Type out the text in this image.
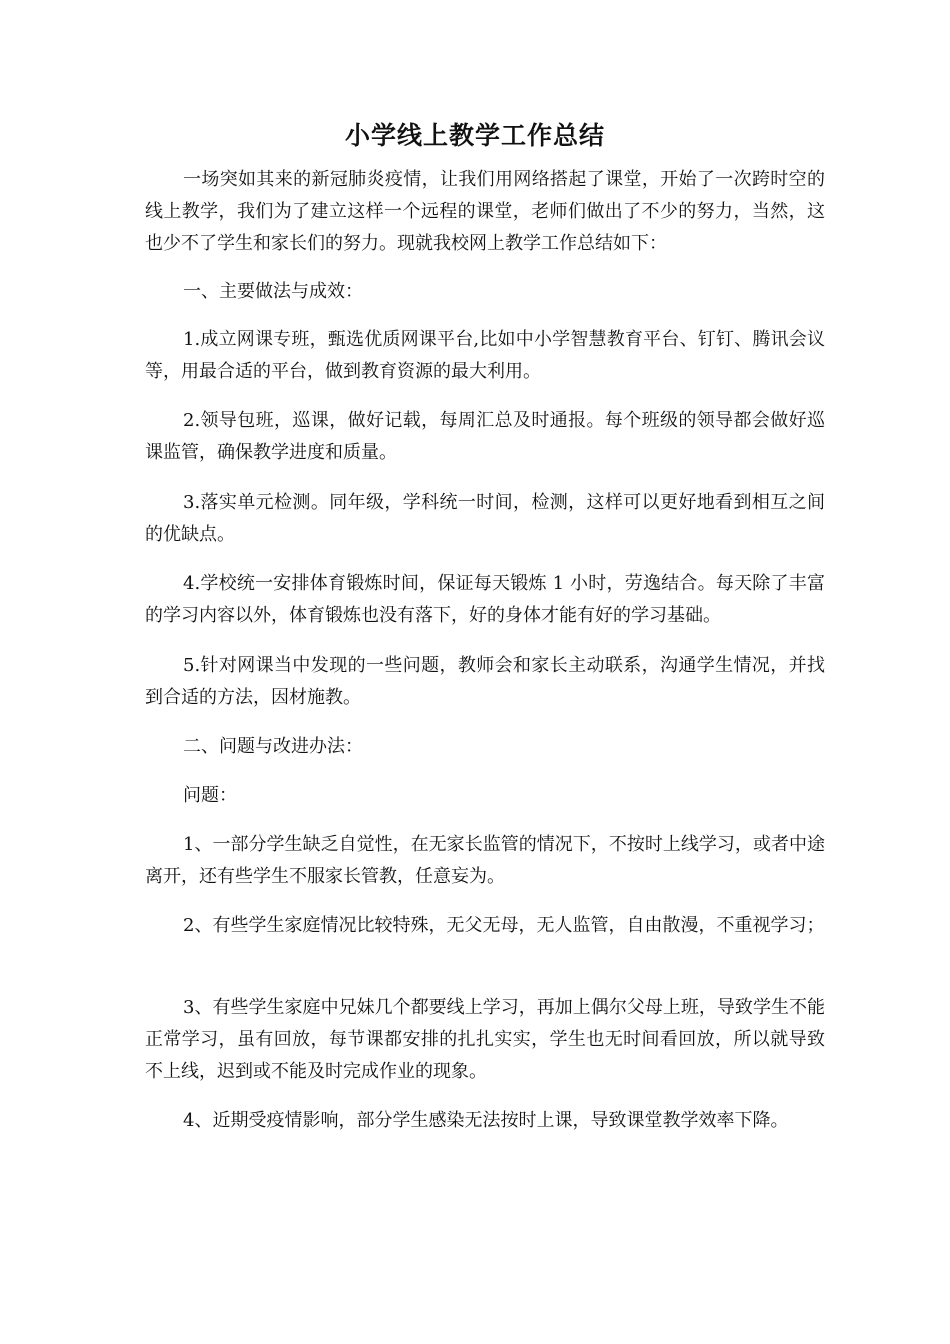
小学线上教学工作总结

一场突如其来的新冠肺炎疫情，让我们用网络搭起了课堂，开始了一次跨时空的线上教学，我们为了建立这样一个远程的课堂，老师们做出了不少的努力，当然，这也少不了学生和家长们的努力。现就我校网上教学工作总结如下：

一、主要做法与成效：

1.成立网课专班，甄选优质网课平台,比如中小学智慧教育平台、钉钉、腾讯会议等，用最合适的平台，做到教育资源的最大利用。

2.领导包班，巡课，做好记载，每周汇总及时通报。每个班级的领导都会做好巡课监管，确保教学进度和质量。

3.落实单元检测。同年级，学科统一时间，检测，这样可以更好地看到相互之间的优缺点。

4.学校统一安排体育锻炼时间，保证每天锻炼 1 小时，劳逸结合。每天除了丰富的学习内容以外，体育锻炼也没有落下，好的身体才能有好的学习基础。

5.针对网课当中发现的一些问题，教师会和家长主动联系，沟通学生情况，并找到合适的方法，因材施教。

二、问题与改进办法：

问题：

1、一部分学生缺乏自觉性，在无家长监管的情况下，不按时上线学习，或者中途离开，还有些学生不服家长管教，任意妄为。

2、有些学生家庭情况比较特殊，无父无母，无人监管，自由散漫，不重视学习；

3、有些学生家庭中兄妹几个都要线上学习，再加上偶尔父母上班，导致学生不能正常学习，虽有回放，每节课都安排的扎扎实实，学生也无时间看回放，所以就导致不上线，迟到或不能及时完成作业的现象。

4、近期受疫情影响，部分学生感染无法按时上课，导致课堂教学效率下降。
